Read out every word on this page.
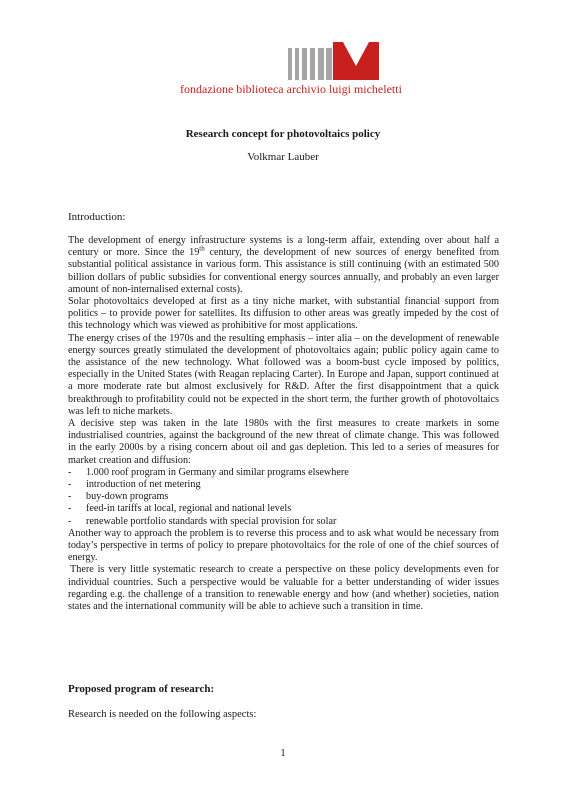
fondazione biblioteca archivio luigi micheletti
Research concept for photovoltaics policy
Volkmar Lauber
Introduction:

The development of energy infrastructure systems is a long-term affair, extending over about half a century or more. Since the 19th century, the development of new sources of energy benefited from substantial political assistance in various form. This assistance is still continuing (with an estimated 500 billion dollars of public subsidies for conventional energy sources annually, and probably an even larger amount of non-internalised external costs).

Solar photovoltaics developed at first as a tiny niche market, with substantial financial support from politics – to provide power for satellites. Its diffusion to other areas was greatly impeded by the cost of this technology which was viewed as prohibitive for most applications.

The energy crises of the 1970s and the resulting emphasis – inter alia – on the development of renewable energy sources greatly stimulated the development of photovoltaics again; public policy again came to the assistance of the new technology. What followed was a boom-bust cycle imposed by politics, especially in the United States (with Reagan replacing Carter). In Europe and Japan, support continued at a more moderate rate but almost exclusively for R&D. After the first disappointment that a quick breakthrough to profitability could not be expected in the short term, the further growth of photovoltaics was left to niche markets.

A decisive step was taken in the late 1980s with the first measures to create markets in some industrialised countries, against the background of the new threat of climate change. This was followed in the early 2000s by a rising concern about oil and gas depletion. This led to a series of measures for market creation and diffusion:

- 1.000 roof program in Germany and similar programs elsewhere
- introduction of net metering
- buy-down programs
- feed-in tariffs at local, regional and national levels
- renewable portfolio standards with special provision for solar

Another way to approach the problem is to reverse this process and to ask what would be necessary from today’s perspective in terms of policy to prepare photovoltaics for the role of one of the chief sources of energy.

There is very little systematic research to create a perspective on these policy developments even for individual countries. Such a perspective would be valuable for a better understanding of wider issues regarding e.g. the challenge of a transition to renewable energy and how (and whether) societies, nation states and the international community will be able to achieve such a transition in time.

Proposed program of research:
Research is needed on the following aspects:
1
